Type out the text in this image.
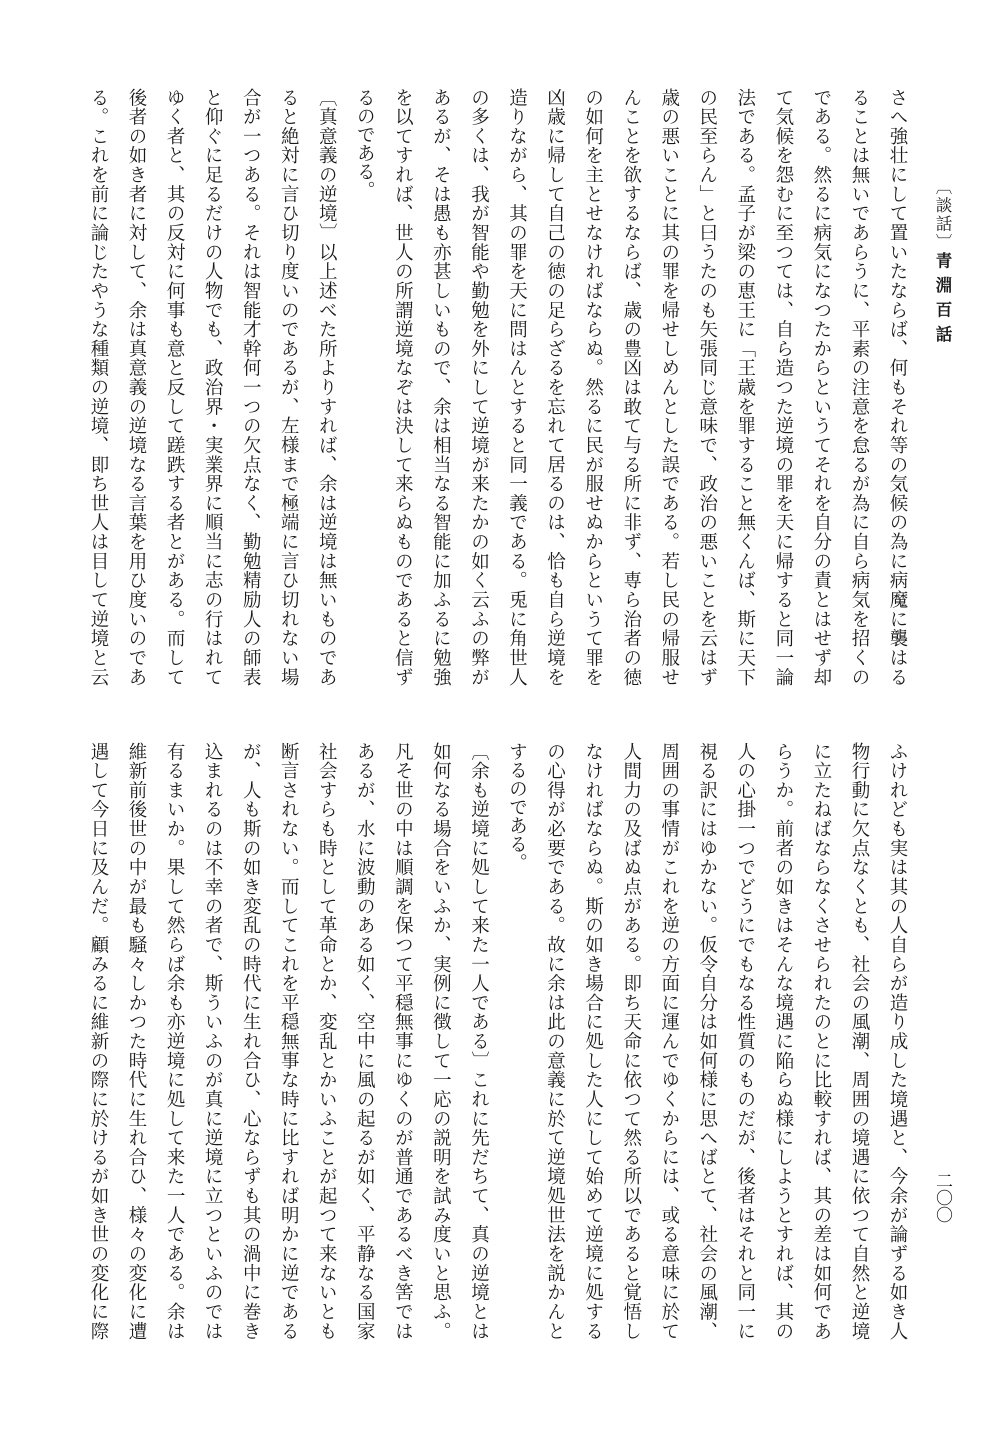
〔談話〕青淵百話
二〇〇
さへ強壮にして置いたならば、何もそれ等の気候の為に病魔に襲はる
ることは無いであらうに、平素の注意を怠るが為に自ら病気を招くの
である。然るに病気になつたからというてそれを自分の責とはせず却
て気候を怨むに至つては、自ら造つた逆境の罪を天に帰すると同一論
法である。孟子が梁の恵王に「王歳を罪すること無くんば、斯に天下
の民至らん」と曰うたのも矢張同じ意味で、政治の悪いことを云はず
歳の悪いことに其の罪を帰せしめんとした誤である。若し民の帰服せ
んことを欲するならば、歳の豊凶は敢て与る所に非ず、専ら治者の徳
の如何を主とせなければならぬ。然るに民が服せぬからというて罪を
凶歳に帰して自己の徳の足らざるを忘れて居るのは、恰も自ら逆境を
造りながら、其の罪を天に問はんとすると同一義である。兎に角世人
の多くは、我が智能や勤勉を外にして逆境が来たかの如く云ふの弊が
あるが、そは愚も亦甚しいもので、余は相当なる智能に加ふるに勉強
を以てすれば、世人の所謂逆境なぞは決して来らぬものであると信ず
るのである。
〔真意義の逆境〕以上述べた所よりすれば、余は逆境は無いものであ
ると絶対に言ひ切り度いのであるが、左様まで極端に言ひ切れない場
合が一つある。それは智能才幹何一つの欠点なく、勤勉精励人の師表
と仰ぐに足るだけの人物でも、政治界・実業界に順当に志の行はれて
ゆく者と、其の反対に何事も意と反して蹉跌する者とがある。而して
後者の如き者に対して、余は真意義の逆境なる言葉を用ひ度いのであ
る。これを前に論じたやうな種類の逆境、即ち世人は目して逆境と云
ふけれども実は其の人自らが造り成した境遇と、今余が論ずる如き人
物行動に欠点なくとも、社会の風潮、周囲の境遇に依つて自然と逆境
に立たねばならなくさせられたのとに比較すれば、其の差は如何であ
らうか。前者の如きはそんな境遇に陥らぬ様にしようとすれば、其の
人の心掛一つでどうにでもなる性質のものだが、後者はそれと同一に
視る訳にはゆかない。仮令自分は如何様に思へばとて、社会の風潮、
周囲の事情がこれを逆の方面に運んでゆくからには、或る意味に於て
人間力の及ばぬ点がある。即ち天命に依つて然る所以であると覚悟し
なければならぬ。斯の如き場合に処した人にして始めて逆境に処する
の心得が必要である。故に余は此の意義に於て逆境処世法を説かんと
するのである。
〔余も逆境に処して来た一人である〕これに先だちて、真の逆境とは
如何なる場合をいふか、実例に徴して一応の説明を試み度いと思ふ。
凡そ世の中は順調を保つて平穏無事にゆくのが普通であるべき筈では
あるが、水に波動のある如く、空中に風の起るが如く、平静なる国家
社会すらも時として革命とか、変乱とかいふことが起つて来ないとも
断言されない。而してこれを平穏無事な時に比すれば明かに逆である
が、人も斯の如き変乱の時代に生れ合ひ、心ならずも其の渦中に巻き
込まれるのは不幸の者で、斯ういふのが真に逆境に立つといふのでは
有るまいか。果して然らば余も亦逆境に処して来た一人である。余は
維新前後世の中が最も騒々しかつた時代に生れ合ひ、様々の変化に遭
遇して今日に及んだ。顧みるに維新の際に於けるが如き世の変化に際
